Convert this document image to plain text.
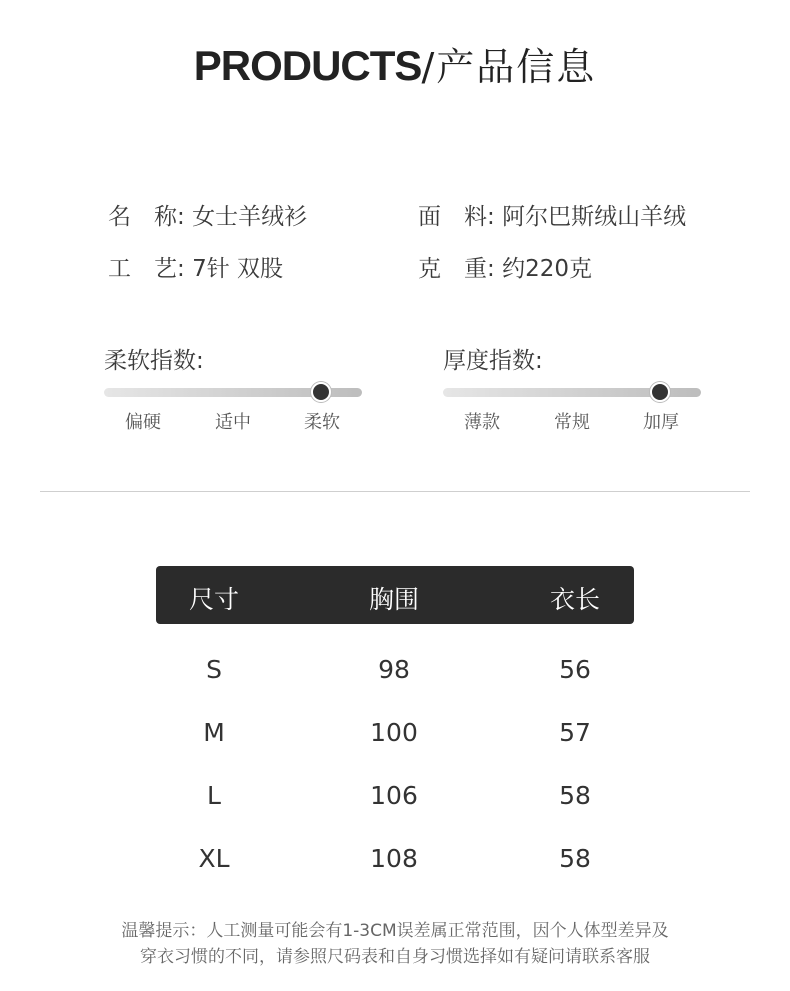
PRODUCTS/产品信息
名　称: 女士羊绒衫	面　料: 阿尔巴斯绒山羊绒
工　艺: 7针 双股	克　重: 约220克
柔软指数:
偏硬	适中	柔软
厚度指数:
薄款	常规	加厚
尺寸	胸围	衣长
S	98	56
M	100	57
L	106	58
XL	108	58
温馨提示：人工测量可能会有1-3CM误差属正常范围，因个人体型差异及
穿衣习惯的不同，请参照尺码表和自身习惯选择如有疑问请联系客服
